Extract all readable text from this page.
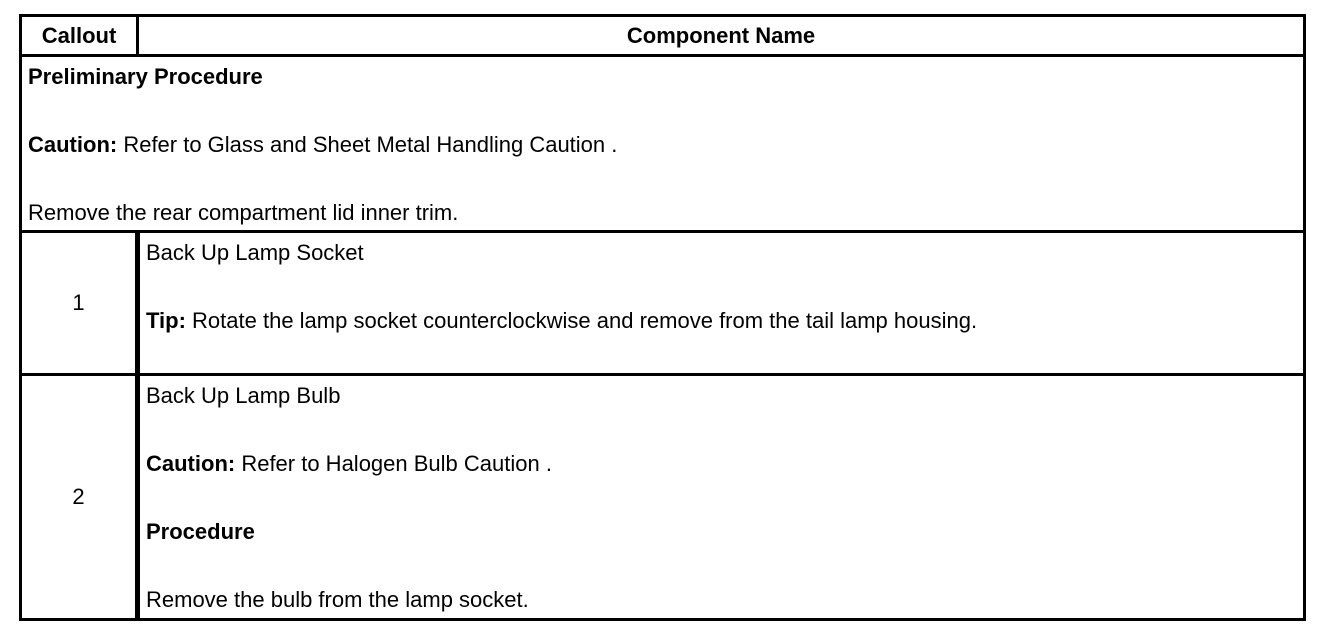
Callout	Component Name

Preliminary Procedure
Caution: Refer to Glass and Sheet Metal Handling Caution .
Remove the rear compartment lid inner trim.	

1	Back Up Lamp Socket
Tip: Rotate the lamp socket counterclockwise and remove from the tail lamp housing.

2	Back Up Lamp Bulb
Caution: Refer to Halogen Bulb Caution .
Procedure
Remove the bulb from the lamp socket.
